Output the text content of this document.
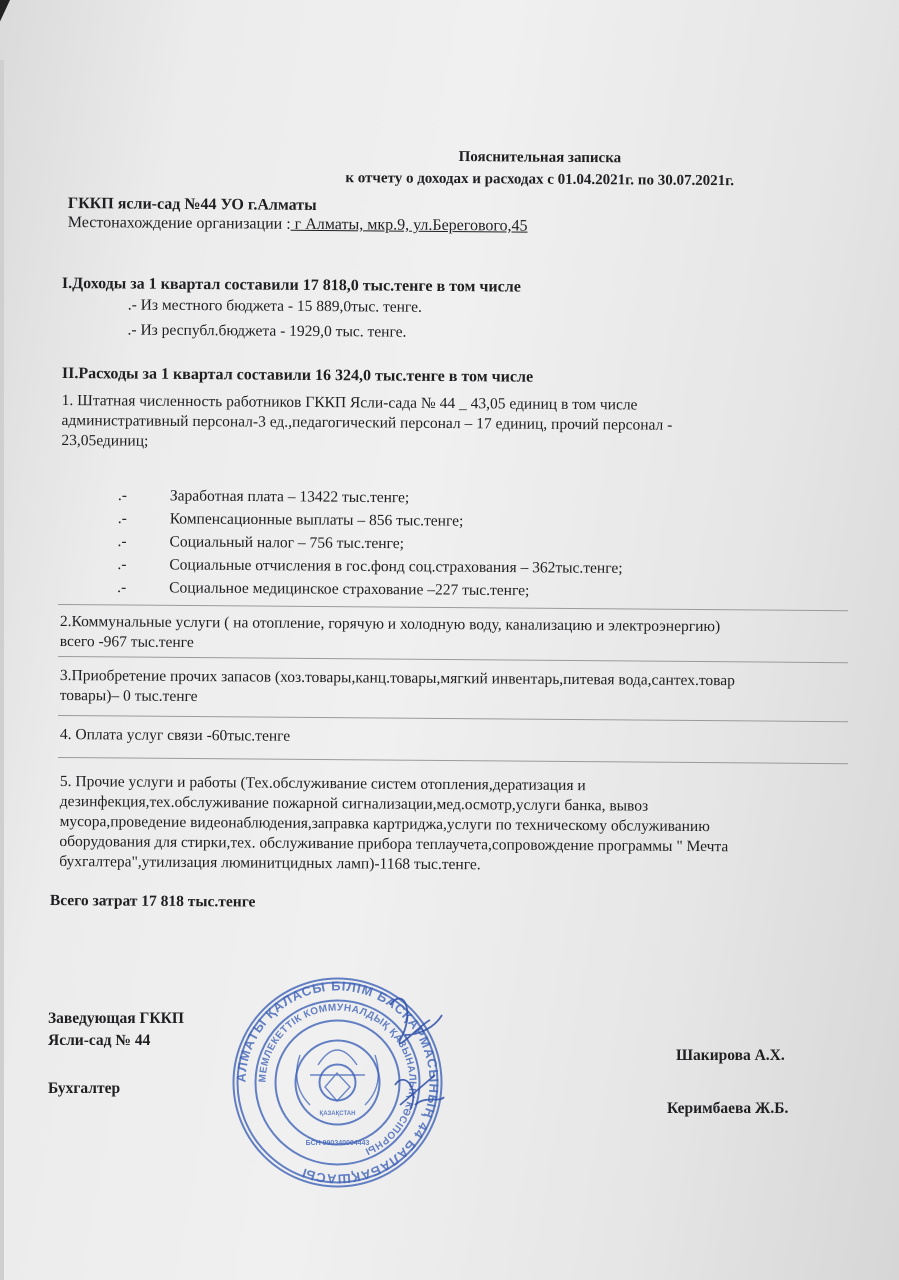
Пояснительная записка
к отчету о доходах и расходах с 01.04.2021г. по 30.07.2021г.
ГККП ясли-сад №44 УО г.Алматы
Местонахождение организации : г Алматы, мкр.9, ул.Берегового,45
I.Доходы за 1 квартал составили 17 818,0 тыс.тенге в том числе
.- Из местного бюджета - 15 889,0тыс. тенге.
.- Из республ.бюджета - 1929,0 тыс. тенге.
II.Расходы за 1 квартал составили 16 324,0 тыс.тенге в том числе
1. Штатная численность работников ГККП Ясли-сада № 44 _ 43,05 единиц в том числе
административный персонал-3 ед.,педагогический персонал – 17 единиц, прочий персонал -
23,05единиц;
.-	Заработная плата – 13422 тыс.тенге;
.-	Компенсационные выплаты – 856 тыс.тенге;
.-	Социальный налог – 756 тыс.тенге;
.-	Социальные отчисления в гос.фонд соц.страхования – 362тыс.тенге;
.-	Социальное медицинское страхование –227 тыс.тенге;
2.Коммунальные услуги ( на отопление, горячую и холодную воду, канализацию и электроэнергию)
всего -967 тыс.тенге
3.Приобретение прочих запасов (хоз.товары,канц.товары,мягкий инвентарь,питевая вода,сантех.товар
товары)– 0 тыс.тенге
4. Оплата услуг связи -60тыс.тенге
5. Прочие услуги и работы (Тех.обслуживание систем отопления,дератизация и
дезинфекция,тех.обслуживание пожарной сигнализации,мед.осмотр,услуги банка, вывоз
мусора,проведение видеонаблюдения,заправка картриджа,услуги по техническому обслуживанию
оборудования для стирки,тех. обслуживание прибора теплаучета,сопровождение программы " Мечта
бухгалтера",утилизация люминитцидных ламп)-1168 тыс.тенге.
Всего затрат 17 818 тыс.тенге
Заведующая ГККП
Ясли-сад № 44
Бухгалтер
Шакирова А.Х.
Керимбаева Ж.Б.
АЛМАТЫ ҚАЛАСЫ БІЛІМ БАСҚАРМАСЫНЫҢ 44 БАЛАБАҚШАСЫ
МЕМЛЕКЕТТІК КОММУНАЛДЫҚ ҚАЗЫНАЛЫҚ КӘСІПОРНЫ
БСН 990340004443
ҚАЗАҚСТАН
